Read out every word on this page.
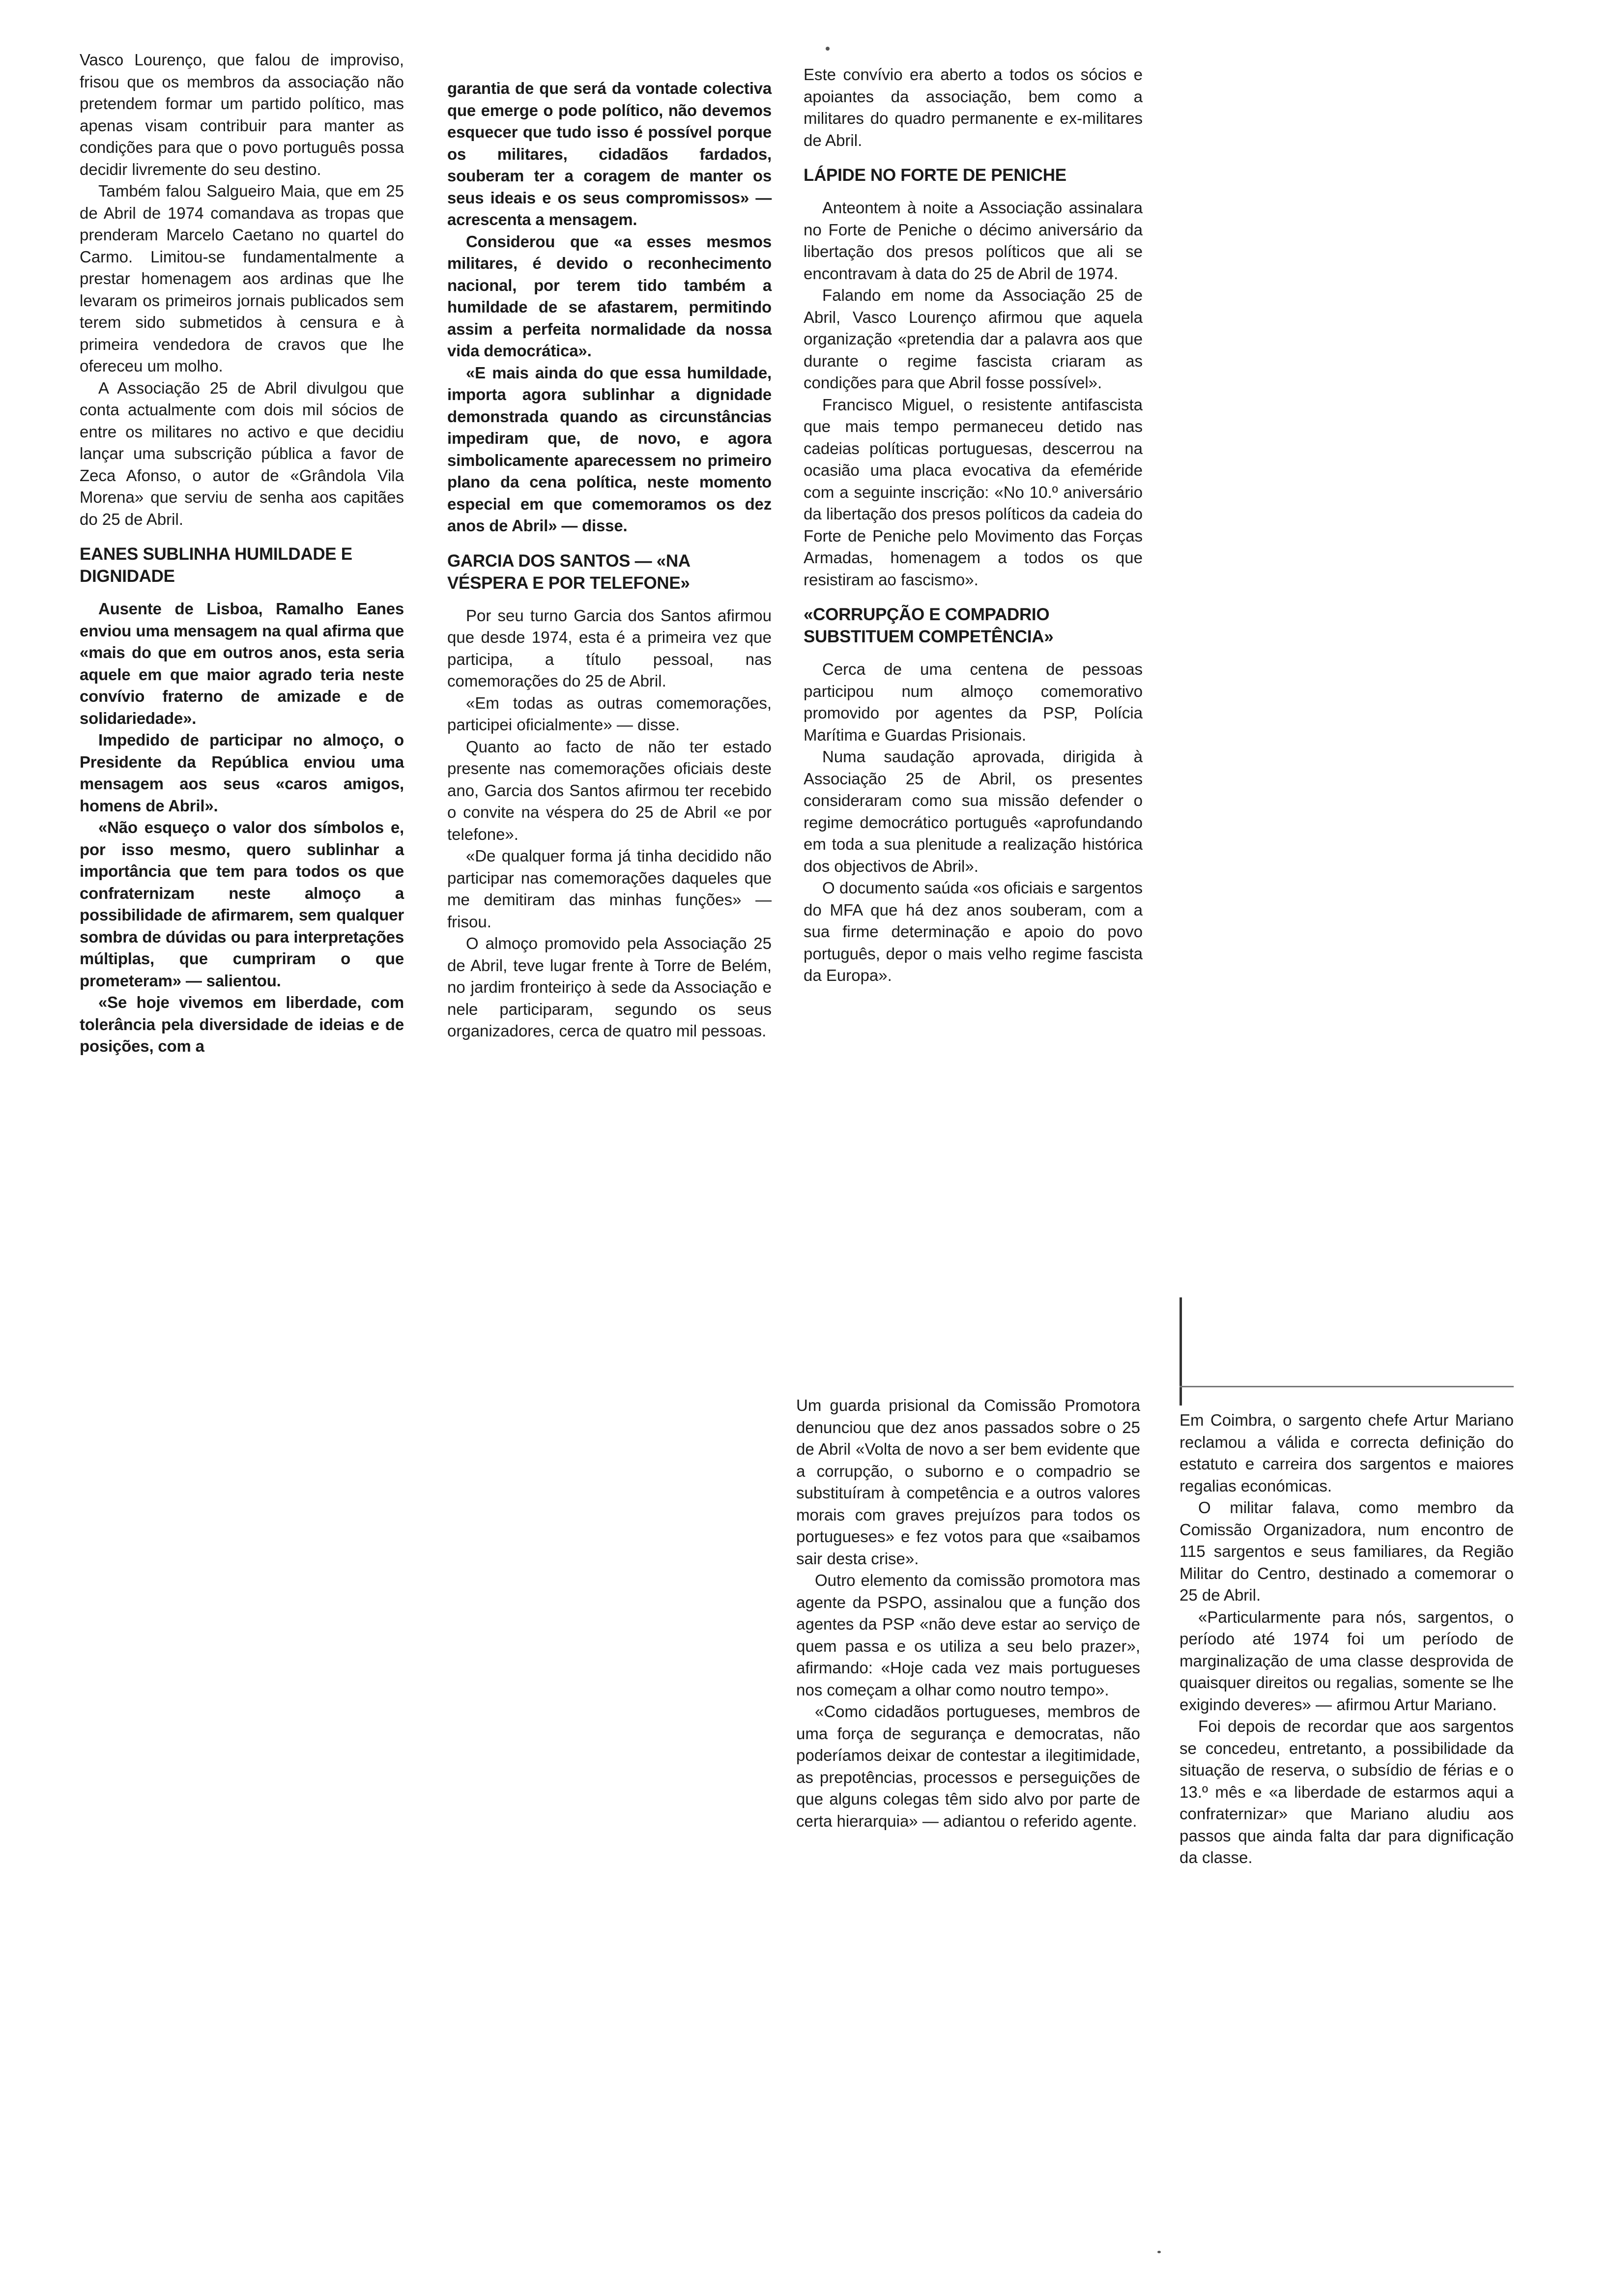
Vasco Lourenço, que falou de improviso, frisou que os membros da associação não pretendem formar um partido político, mas apenas visam contribuir para manter as condições para que o povo português possa decidir livremente do seu destino.

Também falou Salgueiro Maia, que em 25 de Abril de 1974 comandava as tropas que prenderam Marcelo Caetano no quartel do Carmo. Limitou-se fundamentalmente a prestar homenagem aos ardinas que lhe levaram os primeiros jornais publicados sem terem sido submetidos à censura e à primeira vendedora de cravos que lhe ofereceu um molho.

A Associação 25 de Abril divulgou que conta actualmente com dois mil sócios de entre os militares no activo e que decidiu lançar uma subscrição pública a favor de Zeca Afonso, o autor de «Grândola Vila Morena» que serviu de senha aos capitães do 25 de Abril.

EANES SUBLINHA HUMILDADE E DIGNIDADE

Ausente de Lisboa, Ramalho Eanes enviou uma mensagem na qual afirma que «mais do que em outros anos, esta seria aquele em que maior agrado teria neste convívio fraterno de amizade e de solidariedade».

Impedido de participar no almoço, o Presidente da República enviou uma mensagem aos seus «caros amigos, homens de Abril».

«Não esqueço o valor dos símbolos e, por isso mesmo, quero sublinhar a importância que tem para todos os que confraternizam neste almoço a possibilidade de afirmarem, sem qualquer sombra de dúvidas ou para interpretações múltiplas, que cumpriram o que prometeram» — salientou.

«Se hoje vivemos em liberdade, com tolerância pela diversidade de ideias e de posições, com a

garantia de que será da vontade colectiva que emerge o pode político, não devemos esquecer que tudo isso é possível porque os militares, cidadãos fardados, souberam ter a coragem de manter os seus ideais e os seus compromissos» — acrescenta a mensagem.

Considerou que «a esses mesmos militares, é devido o reconhecimento nacional, por terem tido também a humildade de se afastarem, permitindo assim a perfeita normalidade da nossa vida democrática».

«E mais ainda do que essa humildade, importa agora sublinhar a dignidade demonstrada quando as circunstâncias impediram que, de novo, e agora simbolicamente aparecessem no primeiro plano da cena política, neste momento especial em que comemoramos os dez anos de Abril» — disse.

GARCIA DOS SANTOS — «NA VÉSPERA E POR TELEFONE»

Por seu turno Garcia dos Santos afirmou que desde 1974, esta é a primeira vez que participa, a título pessoal, nas comemorações do 25 de Abril.

«Em todas as outras comemorações, participei oficialmente» — disse.

Quanto ao facto de não ter estado presente nas comemorações oficiais deste ano, Garcia dos Santos afirmou ter recebido o convite na véspera do 25 de Abril «e por telefone».

«De qualquer forma já tinha decidido não participar nas comemorações daqueles que me demitiram das minhas funções» — frisou.

O almoço promovido pela Associação 25 de Abril, teve lugar frente à Torre de Belém, no jardim fronteiriço à sede da Associação e nele participaram, segundo os seus organizadores, cerca de quatro mil pessoas.

Este convívio era aberto a todos os sócios e apoiantes da associação, bem como a militares do quadro permanente e ex-militares de Abril.

LÁPIDE NO FORTE DE PENICHE

Anteontem à noite a Associação assinalara no Forte de Peniche o décimo aniversário da libertação dos presos políticos que ali se encontravam à data do 25 de Abril de 1974.

Falando em nome da Associação 25 de Abril, Vasco Lourenço afirmou que aquela organização «pretendia dar a palavra aos que durante o regime fascista criaram as condições para que Abril fosse possível».

Francisco Miguel, o resistente antifascista que mais tempo permaneceu detido nas cadeias políticas portuguesas, descerrou na ocasião uma placa evocativa da efeméride com a seguinte inscrição: «No 10.º aniversário da libertação dos presos políticos da cadeia do Forte de Peniche pelo Movimento das Forças Armadas, homenagem a todos os que resistiram ao fascismo».

«CORRUPÇÃO E COMPADRIO SUBSTITUEM COMPETÊNCIA»

Cerca de uma centena de pessoas participou num almoço comemorativo promovido por agentes da PSP, Polícia Marítima e Guardas Prisionais.

Numa saudação aprovada, dirigida à Associação 25 de Abril, os presentes consideraram como sua missão defender o regime democrático português «aprofundando em toda a sua plenitude a realização histórica dos objectivos de Abril».

O documento saúda «os oficiais e sargentos do MFA que há dez anos souberam, com a sua firme determinação e apoio do povo português, depor o mais velho regime fascista da Europa».

Um guarda prisional da Comissão Promotora denunciou que dez anos passados sobre o 25 de Abril «Volta de novo a ser bem evidente que a corrupção, o suborno e o compadrio se substituíram à competência e a outros valores morais com graves prejuízos para todos os portugueses» e fez votos para que «saibamos sair desta crise».

Outro elemento da comissão promotora mas agente da PSPO, assinalou que a função dos agentes da PSP «não deve estar ao serviço de quem passa e os utiliza a seu belo prazer», afirmando: «Hoje cada vez mais portugueses nos começam a olhar como noutro tempo».

«Como cidadãos portugueses, membros de uma força de segurança e democratas, não poderíamos deixar de contestar a ilegitimidade, as prepotências, processos e perseguições de que alguns colegas têm sido alvo por parte de certa hierarquia» — adiantou o referido agente.

Em Coimbra, o sargento chefe Artur Mariano reclamou a válida e correcta definição do estatuto e carreira dos sargentos e maiores regalias económicas.

O militar falava, como membro da Comissão Organizadora, num encontro de 115 sargentos e seus familiares, da Região Militar do Centro, destinado a comemorar o 25 de Abril.

«Particularmente para nós, sargentos, o período até 1974 foi um período de marginalização de uma classe desprovida de quaisquer direitos ou regalias, somente se lhe exigindo deveres» — afirmou Artur Mariano.

Foi depois de recordar que aos sargentos se concedeu, entretanto, a possibilidade da situação de reserva, o subsídio de férias e o 13.º mês e «a liberdade de estarmos aqui a confraternizar» que Mariano aludiu aos passos que ainda falta dar para dignificação da classe.
